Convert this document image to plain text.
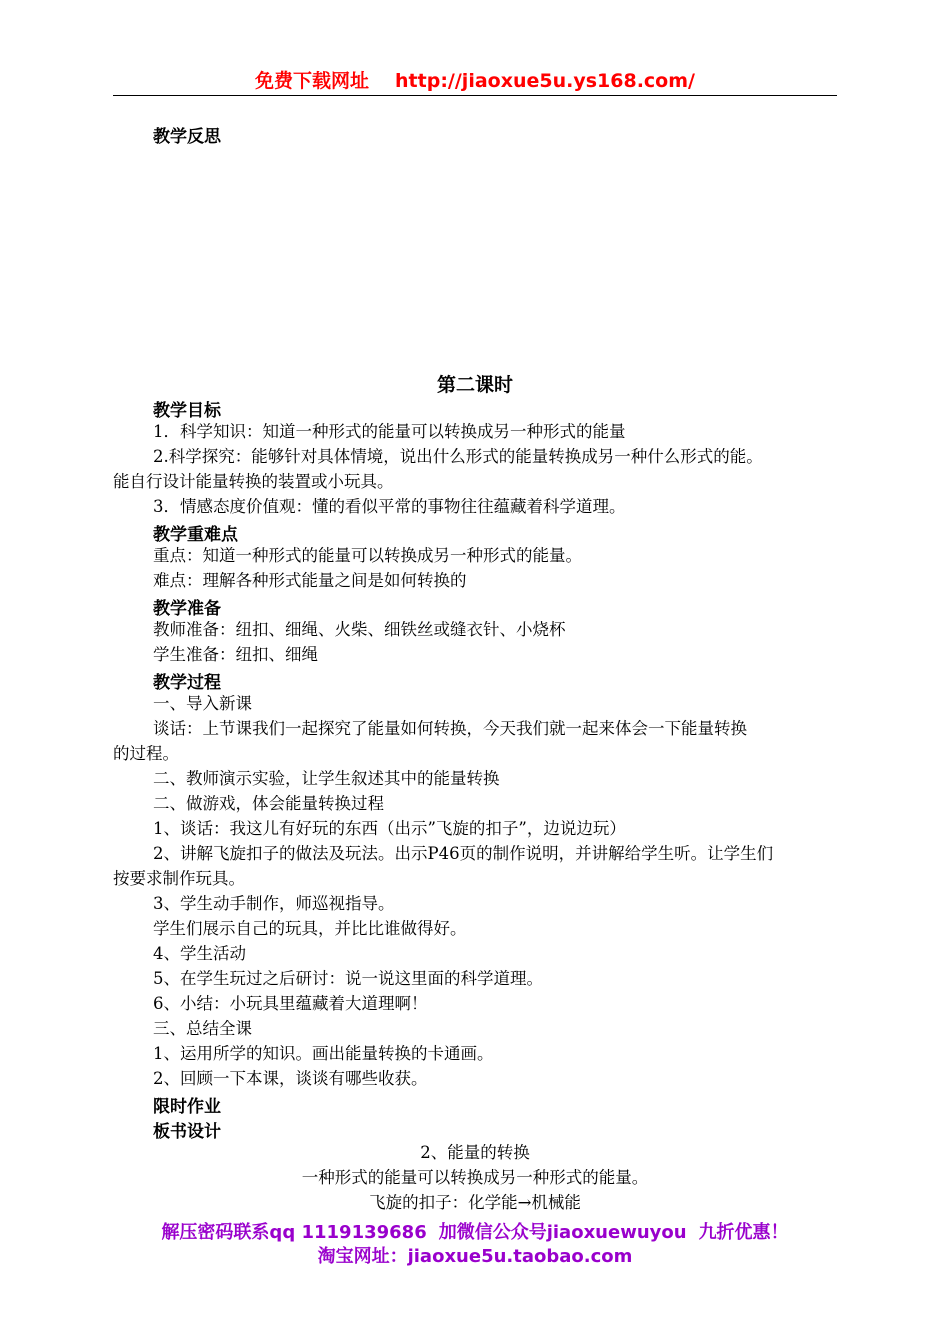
免费下载网址 http://jiaoxue5u.ys168.com/
教学反思
第二课时
教学目标
1．科学知识：知道一种形式的能量可以转换成另一种形式的能量
2.科学探究：能够针对具体情境，说出什么形式的能量转换成另一种什么形式的能。
能自行设计能量转换的装置或小玩具。
3．情感态度价值观：懂的看似平常的事物往往蕴藏着科学道理。
教学重难点
重点：知道一种形式的能量可以转换成另一种形式的能量。
难点：理解各种形式能量之间是如何转换的
教学准备
教师准备：纽扣、细绳、火柴、细铁丝或缝衣针、小烧杯
学生准备：纽扣、细绳
教学过程
一、导入新课
谈话：上节课我们一起探究了能量如何转换，今天我们就一起来体会一下能量转换
的过程。
二、教师演示实验，让学生叙述其中的能量转换
二、做游戏，体会能量转换过程
1、谈话：我这儿有好玩的东西（出示”飞旋的扣子”，边说边玩）
2、讲解飞旋扣子的做法及玩法。出示P46页的制作说明，并讲解给学生听。让学生们
按要求制作玩具。
3、学生动手制作，师巡视指导。
学生们展示自己的玩具，并比比谁做得好。
4、学生活动
5、在学生玩过之后研讨：说一说这里面的科学道理。
6、小结：小玩具里蕴藏着大道理啊！
三、总结全课
1、运用所学的知识。画出能量转换的卡通画。
2、回顾一下本课，谈谈有哪些收获。
限时作业
板书设计
2、能量的转换
一种形式的能量可以转换成另一种形式的能量。
飞旋的扣子：化学能→机械能
解压密码联系qq 1119139686 加微信公众号jiaoxuewuyou 九折优惠！
淘宝网址：jiaoxue5u.taobao.com
